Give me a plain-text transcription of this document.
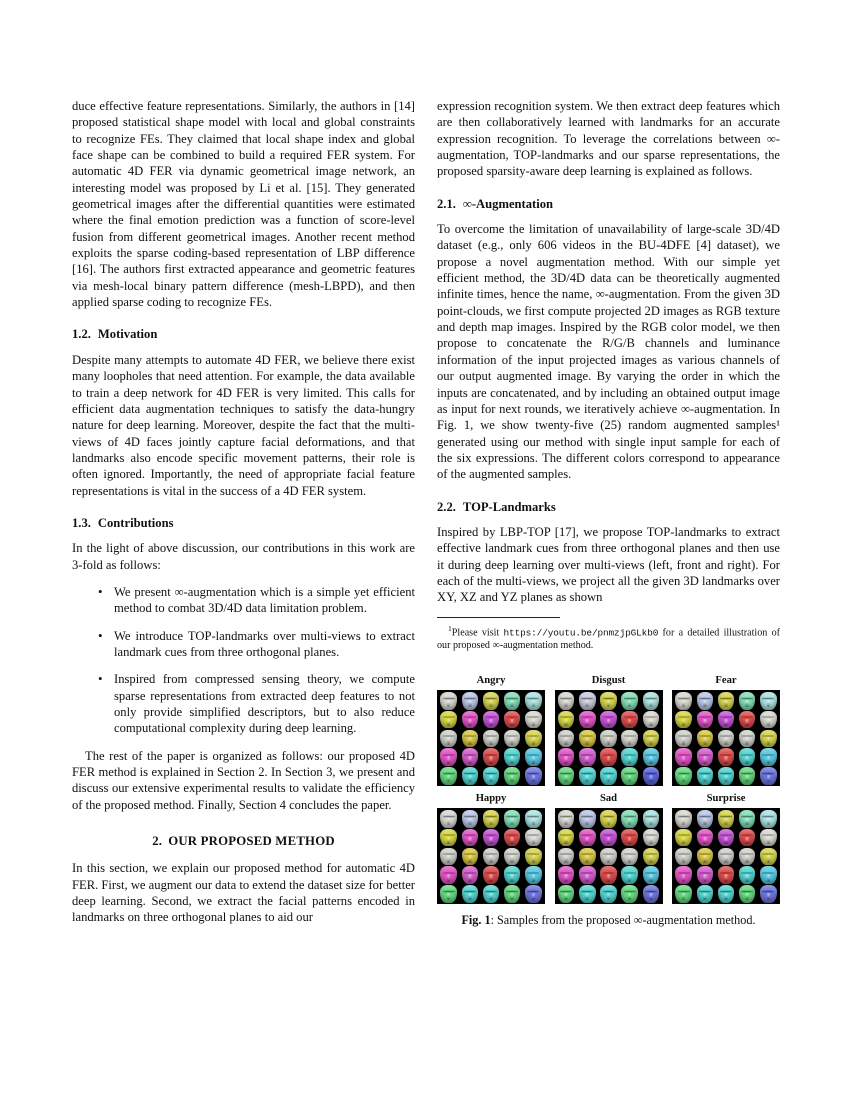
duce effective feature representations. Similarly, the authors in [14] proposed statistical shape model with local and global constraints to recognize FEs. They claimed that local shape index and global face shape can be combined to build a required FER system. For automatic 4D FER via dynamic geometrical image network, an interesting model was proposed by Li et al. [15]. They generated geometrical images after the differential quantities were estimated where the final emotion prediction was a function of score-level fusion from different geometrical images. Another recent method exploits the sparse coding-based representation of LBP difference [16]. The authors first extracted appearance and geometric features via mesh-local binary pattern difference (mesh-LBPD), and then applied sparse coding to recognize FEs.

1.2. Motivation

Despite many attempts to automate 4D FER, we believe there exist many loopholes that need attention. For example, the data available to train a deep network for 4D FER is very limited. This calls for efficient data augmentation techniques to satisfy the data-hungry nature for deep learning. Moreover, despite the fact that the multi-views of 4D faces jointly capture facial deformations, and that landmarks also encode specific movement patterns, their role is often ignored. Importantly, the need of appropriate facial feature representations is vital in the success of a 4D FER system.

1.3. Contributions

In the light of above discussion, our contributions in this work are 3-fold as follows:

• We present ∞-augmentation which is a simple yet efficient method to combat 3D/4D data limitation problem.
• We introduce TOP-landmarks over multi-views to extract landmark cues from three orthogonal planes.
• Inspired from compressed sensing theory, we compute sparse representations from extracted deep features to not only provide simplified descriptors, but to also reduce computational complexity during deep learning.

The rest of the paper is organized as follows: our proposed 4D FER method is explained in Section 2. In Section 3, we present and discuss our extensive experimental results to validate the efficiency of the proposed method. Finally, Section 4 concludes the paper.

2. OUR PROPOSED METHOD

In this section, we explain our proposed method for automatic 4D FER. First, we augment our data to extend the dataset size for better deep learning. Second, we extract the facial patterns encoded in landmarks on three orthogonal planes to aid our

expression recognition system. We then extract deep features which are then collaboratively learned with landmarks for an accurate expression recognition. To leverage the correlations between ∞-augmentation, TOP-landmarks and our sparse representations, the proposed sparsity-aware deep learning is explained as follows.

2.1. ∞-Augmentation

To overcome the limitation of unavailability of large-scale 3D/4D dataset (e.g., only 606 videos in the BU-4DFE [4] dataset), we propose a novel augmentation method. With our simple yet efficient method, the 3D/4D data can be theoretically augmented infinite times, hence the name, ∞-augmentation. From the given 3D point-clouds, we first compute projected 2D images as RGB texture and depth map images. Inspired by the RGB color model, we then propose to concatenate the R/G/B channels and luminance information of the input projected images as various channels of our output augmented image. By varying the order in which the inputs are concatenated, and by including an obtained output image as input for next rounds, we iteratively achieve ∞-augmentation. In Fig. 1, we show twenty-five (25) random augmented samples¹ generated using our method with single input sample for each of the six expressions. The different colors correspond to appearance of the augmented samples.

2.2. TOP-Landmarks

Inspired by LBP-TOP [17], we propose TOP-landmarks to extract effective landmark cues from three orthogonal planes and then use it during deep learning over multi-views (left, front and right). For each of the multi-views, we project all the given 3D landmarks over XY, XZ and YZ planes as shown

$^1$Please visit https://youtu.be/pnmzjpGLkb0 for a detailed illustration of our proposed ∞-augmentation method.

Angry	Disgust	Fear
Happy	Sad	Surprise
Fig. 1: Samples from the proposed ∞-augmentation method.
